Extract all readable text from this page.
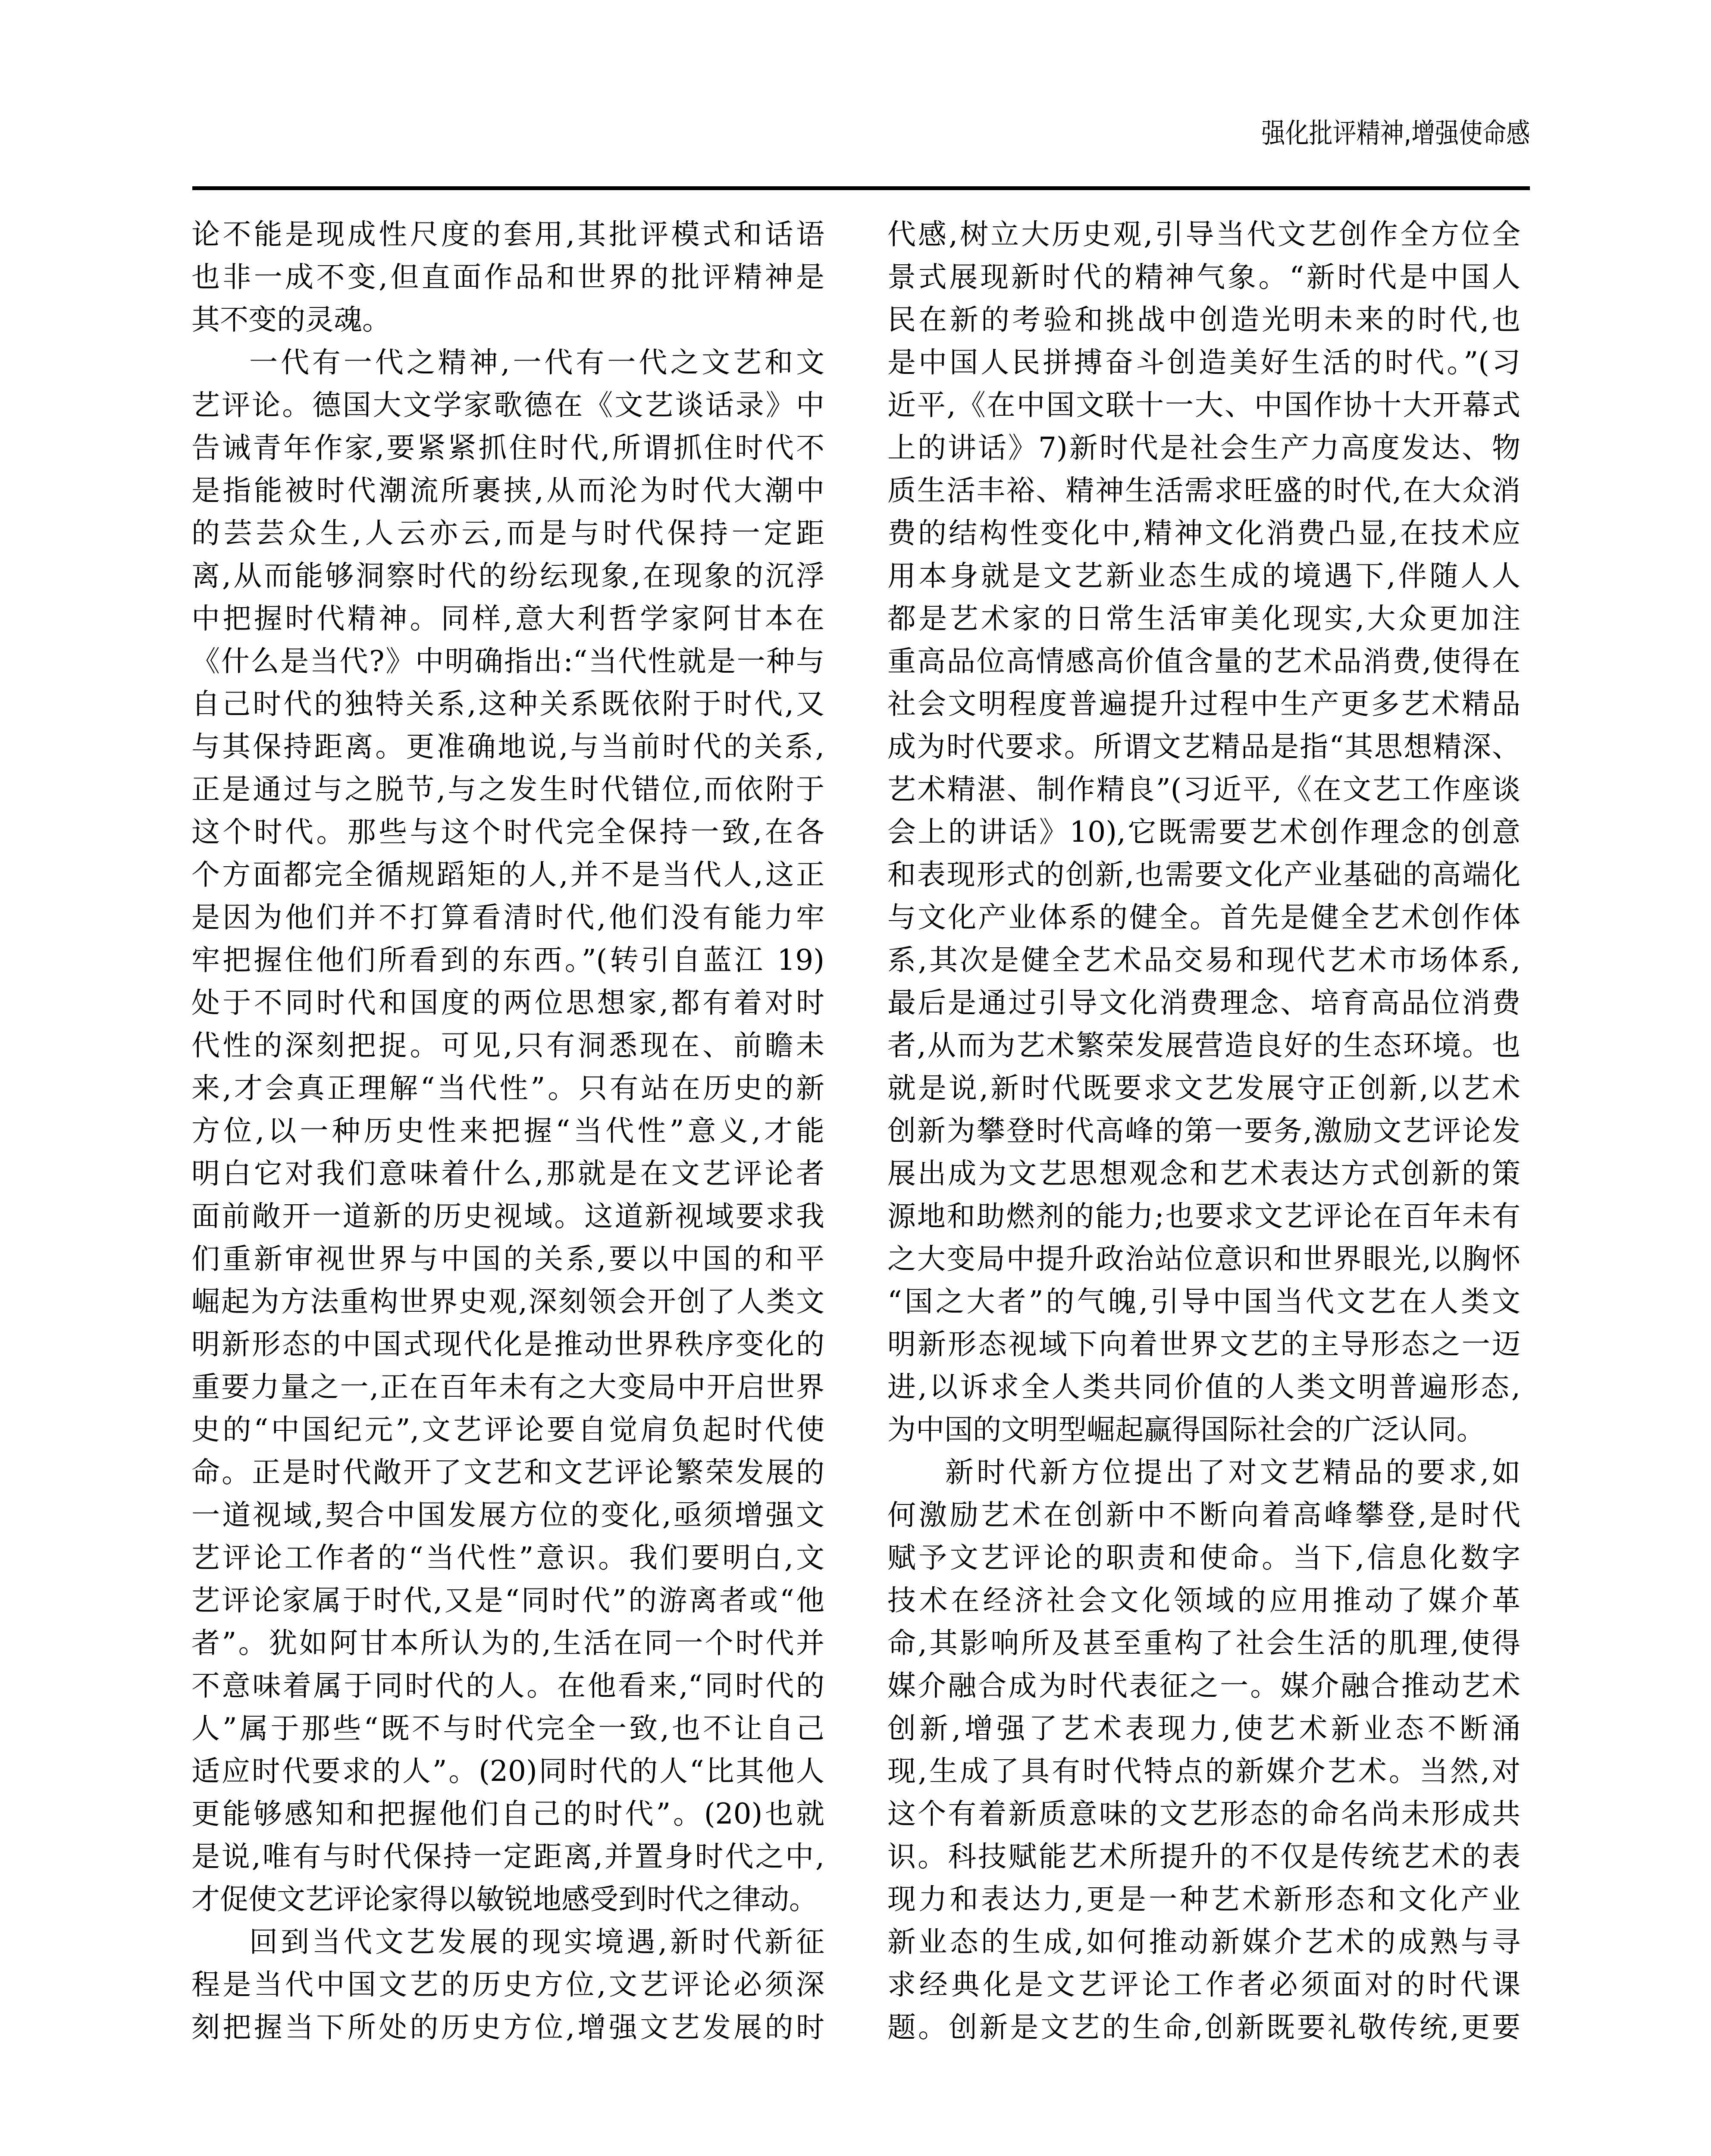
强化批评精神,增强使命感
论不能是现成性尺度的套用,其批评模式和话语
也非一成不变,但直面作品和世界的批评精神是
其不变的灵魂。
一代有一代之精神,一代有一代之文艺和文
艺评论。德国大文学家歌德在《文艺谈话录》中
告诫青年作家,要紧紧抓住时代,所谓抓住时代不
是指能被时代潮流所裹挟,从而沦为时代大潮中
的芸芸众生,人云亦云,而是与时代保持一定距
离,从而能够洞察时代的纷纭现象,在现象的沉浮
中把握时代精神。同样,意大利哲学家阿甘本在
《什么是当代?》中明确指出:“当代性就是一种与
自己时代的独特关系,这种关系既依附于时代,又
与其保持距离。更准确地说,与当前时代的关系,
正是通过与之脱节,与之发生时代错位,而依附于
这个时代。那些与这个时代完全保持一致,在各
个方面都完全循规蹈矩的人,并不是当代人,这正
是因为他们并不打算看清时代,他们没有能力牢
牢把握住他们所看到的东西。”(转引自蓝江 19)
处于不同时代和国度的两位思想家,都有着对时
代性的深刻把捉。可见,只有洞悉现在、前瞻未
来,才会真正理解“当代性”。只有站在历史的新
方位,以一种历史性来把握“当代性”意义,才能
明白它对我们意味着什么,那就是在文艺评论者
面前敞开一道新的历史视域。这道新视域要求我
们重新审视世界与中国的关系,要以中国的和平
崛起为方法重构世界史观,深刻领会开创了人类文
明新形态的中国式现代化是推动世界秩序变化的
重要力量之一,正在百年未有之大变局中开启世界
史的“中国纪元”,文艺评论要自觉肩负起时代使
命。正是时代敞开了文艺和文艺评论繁荣发展的
一道视域,契合中国发展方位的变化,亟须增强文
艺评论工作者的“当代性”意识。我们要明白,文
艺评论家属于时代,又是“同时代”的游离者或“他
者”。犹如阿甘本所认为的,生活在同一个时代并
不意味着属于同时代的人。在他看来,“同时代的
人”属于那些“既不与时代完全一致,也不让自己
适应时代要求的人”。(20)同时代的人“比其他人
更能够感知和把握他们自己的时代”。(20)也就
是说,唯有与时代保持一定距离,并置身时代之中,
才促使文艺评论家得以敏锐地感受到时代之律动。
回到当代文艺发展的现实境遇,新时代新征
程是当代中国文艺的历史方位,文艺评论必须深
刻把握当下所处的历史方位,增强文艺发展的时
代感,树立大历史观,引导当代文艺创作全方位全
景式展现新时代的精神气象。“新时代是中国人
民在新的考验和挑战中创造光明未来的时代,也
是中国人民拼搏奋斗创造美好生活的时代。”(习
近平,《在中国文联十一大、中国作协十大开幕式
上的讲话》7)新时代是社会生产力高度发达、物
质生活丰裕、精神生活需求旺盛的时代,在大众消
费的结构性变化中,精神文化消费凸显,在技术应
用本身就是文艺新业态生成的境遇下,伴随人人
都是艺术家的日常生活审美化现实,大众更加注
重高品位高情感高价值含量的艺术品消费,使得在
社会文明程度普遍提升过程中生产更多艺术精品
成为时代要求。所谓文艺精品是指“其思想精深、
艺术精湛、制作精良”(习近平,《在文艺工作座谈
会上的讲话》10),它既需要艺术创作理念的创意
和表现形式的创新,也需要文化产业基础的高端化
与文化产业体系的健全。首先是健全艺术创作体
系,其次是健全艺术品交易和现代艺术市场体系,
最后是通过引导文化消费理念、培育高品位消费
者,从而为艺术繁荣发展营造良好的生态环境。也
就是说,新时代既要求文艺发展守正创新,以艺术
创新为攀登时代高峰的第一要务,激励文艺评论发
展出成为文艺思想观念和艺术表达方式创新的策
源地和助燃剂的能力;也要求文艺评论在百年未有
之大变局中提升政治站位意识和世界眼光,以胸怀
“国之大者”的气魄,引导中国当代文艺在人类文
明新形态视域下向着世界文艺的主导形态之一迈
进,以诉求全人类共同价值的人类文明普遍形态,
为中国的文明型崛起赢得国际社会的广泛认同。
新时代新方位提出了对文艺精品的要求,如
何激励艺术在创新中不断向着高峰攀登,是时代
赋予文艺评论的职责和使命。当下,信息化数字
技术在经济社会文化领域的应用推动了媒介革
命,其影响所及甚至重构了社会生活的肌理,使得
媒介融合成为时代表征之一。媒介融合推动艺术
创新,增强了艺术表现力,使艺术新业态不断涌
现,生成了具有时代特点的新媒介艺术。当然,对
这个有着新质意味的文艺形态的命名尚未形成共
识。科技赋能艺术所提升的不仅是传统艺术的表
现力和表达力,更是一种艺术新形态和文化产业
新业态的生成,如何推动新媒介艺术的成熟与寻
求经典化是文艺评论工作者必须面对的时代课
题。创新是文艺的生命,创新既要礼敬传统,更要
